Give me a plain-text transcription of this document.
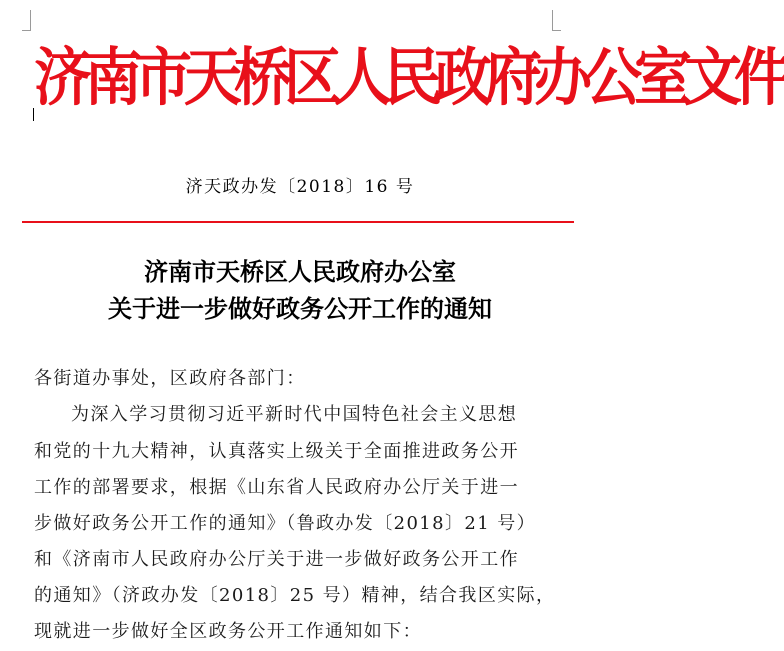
济南市天桥区人民政府办公室文件
济天政办发〔2018〕16 号
济南市天桥区人民政府办公室
关于进一步做好政务公开工作的通知
各街道办事处，区政府各部门：
为深入学习贯彻习近平新时代中国特色社会主义思想
和党的十九大精神，认真落实上级关于全面推进政务公开
工作的部署要求，根据《山东省人民政府办公厅关于进一
步做好政务公开工作的通知》（鲁政办发〔2018〕21 号）
和《济南市人民政府办公厅关于进一步做好政务公开工作
的通知》（济政办发〔2018〕25 号）精神，结合我区实际，
现就进一步做好全区政务公开工作通知如下：
